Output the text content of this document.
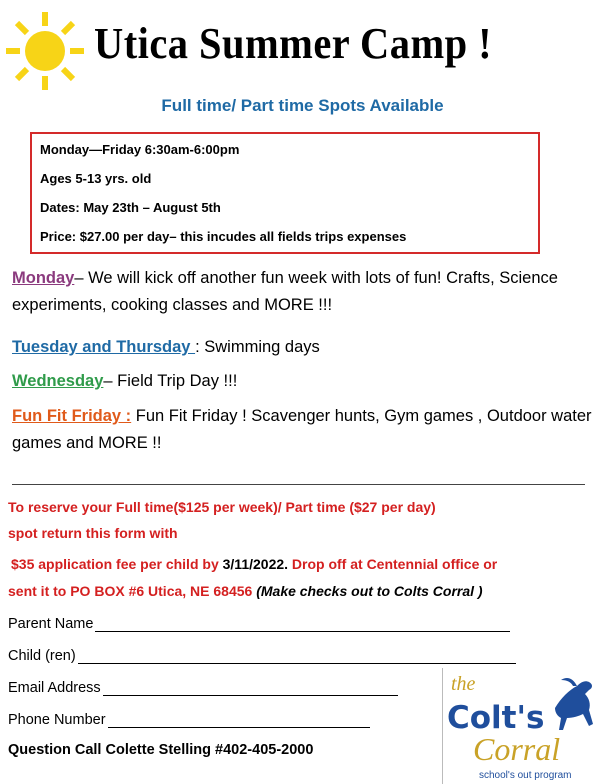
Utica Summer Camp !
Full time/ Part time Spots Available
Monday—Friday 6:30am-6:00pm
Ages 5-13 yrs. old
Dates: May 23th – August 5th
Price: $27.00 per day– this incudes all fields trips expenses
Monday– We will kick off another fun week with lots of fun! Crafts, Science experiments, cooking classes and MORE !!!
Tuesday and Thursday : Swimming days
Wednesday– Field Trip Day !!!
Fun Fit Friday : Fun Fit Friday ! Scavenger hunts, Gym games , Outdoor water games and MORE !!
To reserve your Full time($125 per week)/ Part time ($27 per day)
spot return this form with
$35 application fee per child by 3/11/2022. Drop off at Centennial office or
sent it to PO BOX #6 Utica, NE 68456 (Make checks out to Colts Corral )
Parent Name
Child (ren)
Email Address
Phone Number
Question Call Colette Stelling #402-405-2000
the
Colt's
Corral
school's out program
